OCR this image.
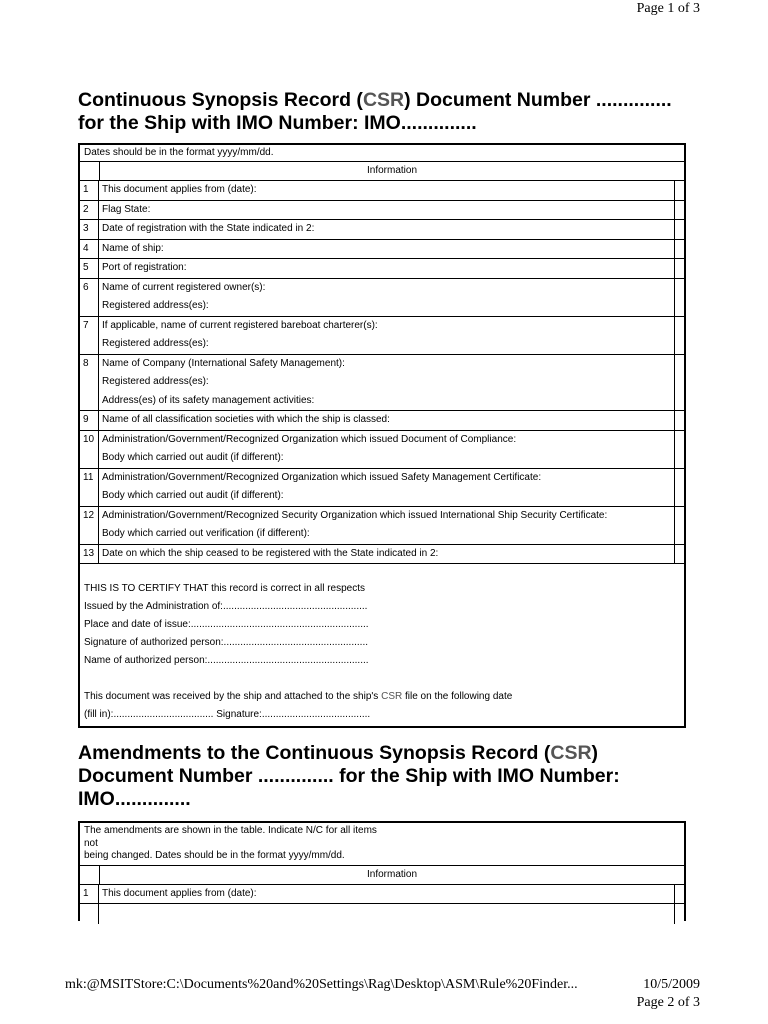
Page 1 of 3
Continuous Synopsis Record (CSR) Document Number ..............
for the Ship with IMO Number: IMO..............
Dates should be in the format yyyy/mm/dd.
Information
1	This document applies from (date):
2	Flag State:
3	Date of registration with the State indicated in 2:
4	Name of ship:
5	Port of registration:
6	Name of current registered owner(s):
Registered address(es):
7	If applicable, name of current registered bareboat charterer(s):
Registered address(es):
8	Name of Company (International Safety Management):
Registered address(es):
Address(es) of its safety management activities:
9	Name of all classification societies with which the ship is classed:
10 Administration/Government/Recognized Organization which issued Document of Compliance:
Body which carried out audit (if different):
11 Administration/Government/Recognized Organization which issued Safety Management Certificate:
Body which carried out audit (if different):
12 Administration/Government/Recognized Security Organization which issued International Ship Security Certificate:
Body which carried out verification (if different):
13 Date on which the ship ceased to be registered with the State indicated in 2:
THIS IS TO CERTIFY THAT this record is correct in all respects
Issued by the Administration of:....................................................
Place and date of issue:................................................................
Signature of authorized person:....................................................
Name of authorized person:..........................................................
This document was received by the ship and attached to the ship's CSR file on the following date
(fill in):.................................... Signature:.......................................
Amendments to the Continuous Synopsis Record (CSR)
Document Number .............. for the Ship with IMO Number:
IMO..............
The amendments are shown in the table. Indicate N/C for all items
not
being changed. Dates should be in the format yyyy/mm/dd.
Information
1	This document applies from (date):
mk:@MSITStore:C:\Documents%20and%20Settings\Rag\Desktop\ASM\Rule%20Finder...	10/5/2009
Page 2 of 3
